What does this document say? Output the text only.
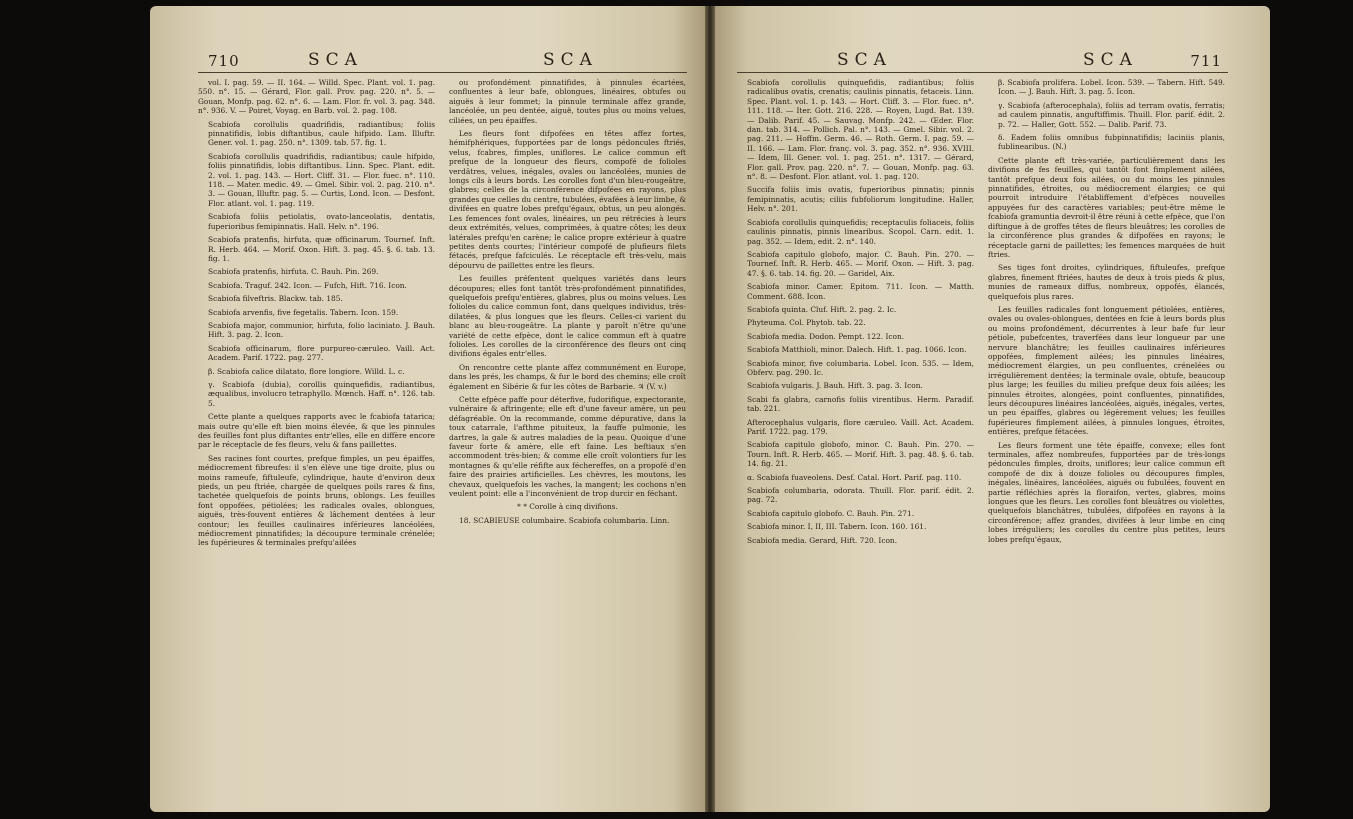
710	SCA	SCA

vol. I. pag. 59. — II. 164. — Willd. Spec. Plant. vol. 1. pag. 550. n°. 15. — Gérard, Flor. gall. Prov. pag. 220. n°. 5. — Gouan, Monfp. pag. 62. n°. 6. — Lam. Flor. fr. vol. 3. pag. 348. n°. 936. V. — Poiret, Voyag. en Barb. vol. 2. pag. 108.

Scabiofa corollulis quadrifidis, radiantibus; foliis pinnatifidis, lobis diftantibus, caule hifpido. Lam. Illuftr. Gener. vol. 1. pag. 250. n°. 1309. tab. 57. fig. 1.

Scabiofa corollulis quadrifidis, radiantibus; caule hifpido, foliis pinnatifidis, lobis diftantibus. Linn. Spec. Plant. edit. 2. vol. 1. pag. 143. — Hort. Cliff. 31. — Flor. fuec. n°. 110. 118. — Mater. medic. 49. — Gmel. Sibir. vol. 2. pag. 210. n°. 3. — Gouan, Illuftr. pag. 5. — Curtis, Lond. Icon. — Desfont. Flor. atlant. vol. 1. pag. 119.

Scabiofa foliis petiolatis, ovato-lanceolatis, dentatis, fuperioribus femipinnatis. Hall. Helv. n°. 196.

Scabiofa pratenfis, hirfuta, quæ officinarum. Tournef. Inft. R. Herb. 464. — Morif. Oxon. Hift. 3. pag. 45. §. 6. tab. 13. fig. 1.

Scabiofa pratenfis, hirfuta. C. Bauh. Pin. 269.

Scabiofa. Traguf. 242. Icon. — Fufch, Hift. 716. Icon.

Scabiofa filveftris. Blackw. tab. 185.

Scabiofa arvenfis, five fegetalis. Tabern. Icon. 159.

Scabiofa major, communior, hirfuta, folio laciniato. J. Bauh. Hift. 3. pag. 2. Icon.

Scabiofa officinarum, flore purpureo-cæruleo. Vaill. Act. Academ. Parif. 1722. pag. 277.

β. Scabiofa calice dilatato, flore longiore. Willd. L. c.

γ. Scabiofa (dubia), corollis quinquefidis, radiantibus, æqualibus, involucro tetraphyllo. Mœnch. Haff. n°. 126. tab. 5.

Cette plante a quelques rapports avec le fcabiofa tatarica; mais outre qu'elle eft bien moins élevée, & que les pinnules des feuilles font plus diftantes entr'elles, elle en diffère encore par le réceptacle de fes fleurs, velu & fans paillettes.

Ses racines font courtes, prefque fimples, un peu épaiffes, médiocrement fibreufes: il s'en élève une tige droite, plus ou moins rameufe, fiftuleufe, cylindrique, haute d'environ deux pieds, un peu ftriée, chargée de quelques poils rares & fins, tachetée quelquefois de points bruns, oblongs. Les feuilles font oppofées, pétiolées; les radicales ovales, oblongues, aiguës, très-fouvent entières & lâchement dentées à leur contour; les feuilles caulinaires inférieures lancéolées, médiocrement pinnatifides; la découpure terminale crénelée; les fupérieures & terminales prefqu'ailées

ou profondément pinnatifides, à pinnules écartées, confluentes à leur bafe, oblongues, linéaires, obtufes ou aiguës à leur fommet; la pinnule terminale affez grande, lancéolée, un peu dentée, aiguë, toutes plus ou moins velues, ciliées, un peu épaiffes.

Les fleurs font difpofées en têtes affez fortes, hémifphériques, fupportées par de longs pédoncules ftriés, velus, fcabres, fimples, uniflores. Le calice commun eft prefque de la longueur des fleurs, compofé de folioles verdâtres, velues, inégales, ovales ou lancéolées, munies de longs cils à leurs bords. Les corolles font d'un bleu-rougeâtre, glabres; celles de la circonférence difpofées en rayons, plus grandes que celles du centre, tubulées, évafées à leur limbe, & divifées en quatre lobes prefqu'égaux, obtus, un peu alongés. Les femences font ovales, linéaires, un peu rétrécies à leurs deux extrémités, velues, comprimées, à quatre côtes; les deux latérales prefqu'en carène; le calice propre extérieur à quatre petites dents courtes; l'intérieur compofé de plufieurs filets fétacés, prefque fafciculés. Le réceptacle eft très-velu, mais dépourvu de paillettes entre les fleurs.

Les feuilles préfentent quelques variétés dans leurs découpures; elles font tantôt très-profondément pinnatifides, quelquefois prefqu'entières, glabres, plus ou moins velues. Les folioles du calice commun font, dans quelques individus, très-dilatées, & plus longues que les fleurs. Celles-ci varient du blanc au bleu-rougeâtre. La plante γ paroît n'être qu'une variété de cette efpèce, dont le calice commun eft à quatre folioles. Les corolles de la circonférence des fleurs ont cinq divifions égales entr'elles.

On rencontre cette plante affez communément en Europe, dans les prés, les champs, & fur le bord des chemins; elle croît également en Sibérie & fur les côtes de Barbarie. ♃ (V. v.)

Cette efpèce paffe pour déterfive, fudorifique, expectorante, vulnéraire & aftringente; elle eft d'une faveur amère, un peu défagréable. On la recommande, comme dépurative, dans la toux catarrale, l'afthme pituiteux, la fauffe pulmonie, les dartres, la gale & autres maladies de la peau. Quoique d'une faveur forte & amère, elle eft faine. Les beftiaux s'en accommodent très-bien; & comme elle croît volontiers fur les montagnes & qu'elle réfifte aux féchereffes, on a propofé d'en faire des prairies artificielles. Les chèvres, les moutons, les chevaux, quelquefois les vaches, la mangent; les cochons n'en veulent point: elle a l'inconvénient de trop durcir en féchant.

* * Corolle à cinq divifions.

18. SCABIEUSE columbaire. Scabiofa columbaria. Linn.

SCA	SCA	711

Scabiofa corollulis quinquefidis, radiantibus; foliis radicalibus ovatis, crenatis; caulinis pinnatis, fetaceis. Linn. Spec. Plant. vol. 1. p. 143. — Hort. Cliff. 3. — Flor. fuec. n°. 111. 118. — Iter. Gott. 216. 228. — Royen, Lugd. Bat. 139. — Dalib. Parif. 45. — Sauvag. Monfp. 242. — Œder. Flor. dan. tab. 314. — Pollich. Pal. n°. 143. — Gmel. Sibir. vol. 2. pag. 211. — Hoffm. Germ. 46. — Roth. Germ. I. pag. 59. — II. 166. — Lam. Flor. franç. vol. 3. pag. 352. n°. 936. XVIII. — Idem, Ill. Gener. vol. 1. pag. 251. n°. 1317. — Gérard, Flor. gall. Prov. pag. 220. n°. 7. — Gouan, Monfp. pag. 63. n°. 8. — Desfont. Flor. atlant. vol. 1. pag. 120.

Succifa foliis imis ovatis, fuperioribus pinnatis; pinnis femipinnatis, acutis; ciliis fubfoliorum longitudine. Haller, Helv. n°. 201.

Scabiofa corollulis quinquefidis; receptaculis foliaceis, foliis caulinis pinnatis, pinnis linearibus. Scopol. Carn. edit. 1. pag. 352. — Idem, edit. 2. n°. 140.

Scabiofa capitulo globofo, major. C. Bauh. Pin. 270. — Tournef. Inft. R. Herb. 465. — Morif. Oxon. — Hift. 3. pag. 47. §. 6. tab. 14. fig. 20. — Garidel, Aix.

Scabiofa minor. Camer. Epitom. 711. Icon. — Matth. Comment. 688. Icon.

Scabiofa quinta. Cluf. Hift. 2. pag. 2. Ic.

Phyteuma. Col. Phytob. tab. 22.

Scabiofa media. Dodon. Pempt. 122. Icon.

Scabiofa Matthioli, minor. Dalech. Hift. 1. pag. 1066. Icon.

Scabiofa minor, five columbaria. Lobel. Icon. 535. — Idem, Obferv. pag. 290. Ic.

Scabiofa vulgaris. J. Bauh. Hift. 3. pag. 3. Icon.

Scabi fa glabra, carnofis foliis virentibus. Herm. Paradif. tab. 221.

Afterocephalus vulgaris, flore cæruleo. Vaill. Act. Academ. Parif. 1722. pag. 179.

Scabiofa capitulo globofo, minor. C. Bauh. Pin. 270. — Tourn. Inft. R. Herb. 465. — Morif. Hift. 3. pag. 48. §. 6. tab. 14. fig. 21.

α. Scabiofa fuaveolens. Desf. Catal. Hort. Parif. pag. 110.

Scabiofa columbaria, odorata. Thuill. Flor. parif. édit. 2. pag. 72.

Scabiofa capitulo globofo. C. Bauh. Pin. 271.

Scabiofa minor. I, II, III. Tabern. Icon. 160. 161.

Scabiofa media. Gerard, Hift. 720. Icon.

β. Scabiofa prolifera. Lobel. Icon. 539. — Tabern. Hift. 549. Icon. — J. Bauh. Hift. 3. pag. 5. Icon.

γ. Scabiofa (afterocephala), foliis ad terram ovatis, ferratis; ad caulem pinnatis, anguftiffimis. Thuill. Flor. parif. édit. 2. p. 72. — Haller, Gott. 552. — Dalib. Parif. 73.

δ. Eadem foliis omnibus fubpinnatifidis; laciniis planis, fublinearibus. (N.)

Cette plante eft très-variée, particulièrement dans les divifions de fes feuilles, qui tantôt font fimplement ailées, tantôt prefque deux fois ailées, ou du moins les pinnules pinnatifides, étroites, ou médiocrement élargies; ce qui pourroit introduire l'établiffement d'efpèces nouvelles appuyées fur des caractères variables; peut-être même le fcabiofa gramuntia devroit-il être réuni à cette efpèce, que l'on diftingue à de groffes têtes de fleurs bleuâtres; les corolles de la circonférence plus grandes & difpofées en rayons; le réceptacle garni de paillettes; les femences marquées de huit ftries.

Ses tiges font droites, cylindriques, fiftuleufes, prefque glabres, finement ftriées, hautes de deux à trois pieds & plus, munies de rameaux diffus, nombreux, oppofés, élancés, quelquefois plus rares.

Les feuilles radicales font longuement pétiolées, entières, ovales ou ovales-oblongues, dentées en fcie à leurs bords plus ou moins profondément, décurrentes à leur bafe fur leur pétiole, pubefcentes, traverfées dans leur longueur par une nervure blanchâtre; les feuilles caulinaires inférieures oppofées, fimplement ailées; les pinnules linéaires, médiocrement élargies, un peu confluentes, crénelées ou irrégulièrement dentées; la terminale ovale, obtufe, beaucoup plus large; les feuilles du milieu prefque deux fois ailées; les pinnules étroites, alongées, point confluentes, pinnatifides, leurs découpures linéaires lancéolées, aiguës, inégales, vertes, un peu épaiffes, glabres ou légèrement velues; les feuilles fupérieures fimplement ailées, à pinnules longues, étroites, entières, prefque fétacées.

Les fleurs forment une tête épaiffe, convexe; elles font terminales, affez nombreufes, fupportées par de très-longs pédoncules fimples, droits, uniflores; leur calice commun eft compofé de dix à douze folioles ou découpures fimples, inégales, linéaires, lancéolées, aiguës ou fubulées, fouvent en partie réfléchies après la floraifon, vertes, glabres, moins longues que les fleurs. Les corolles font bleuâtres ou violettes, quelquefois blanchâtres, tubulées, difpofées en rayons à la circonférence; affez grandes, divifées à leur limbe en cinq lobes irréguliers; les corolles du centre plus petites, leurs lobes prefqu'égaux,
